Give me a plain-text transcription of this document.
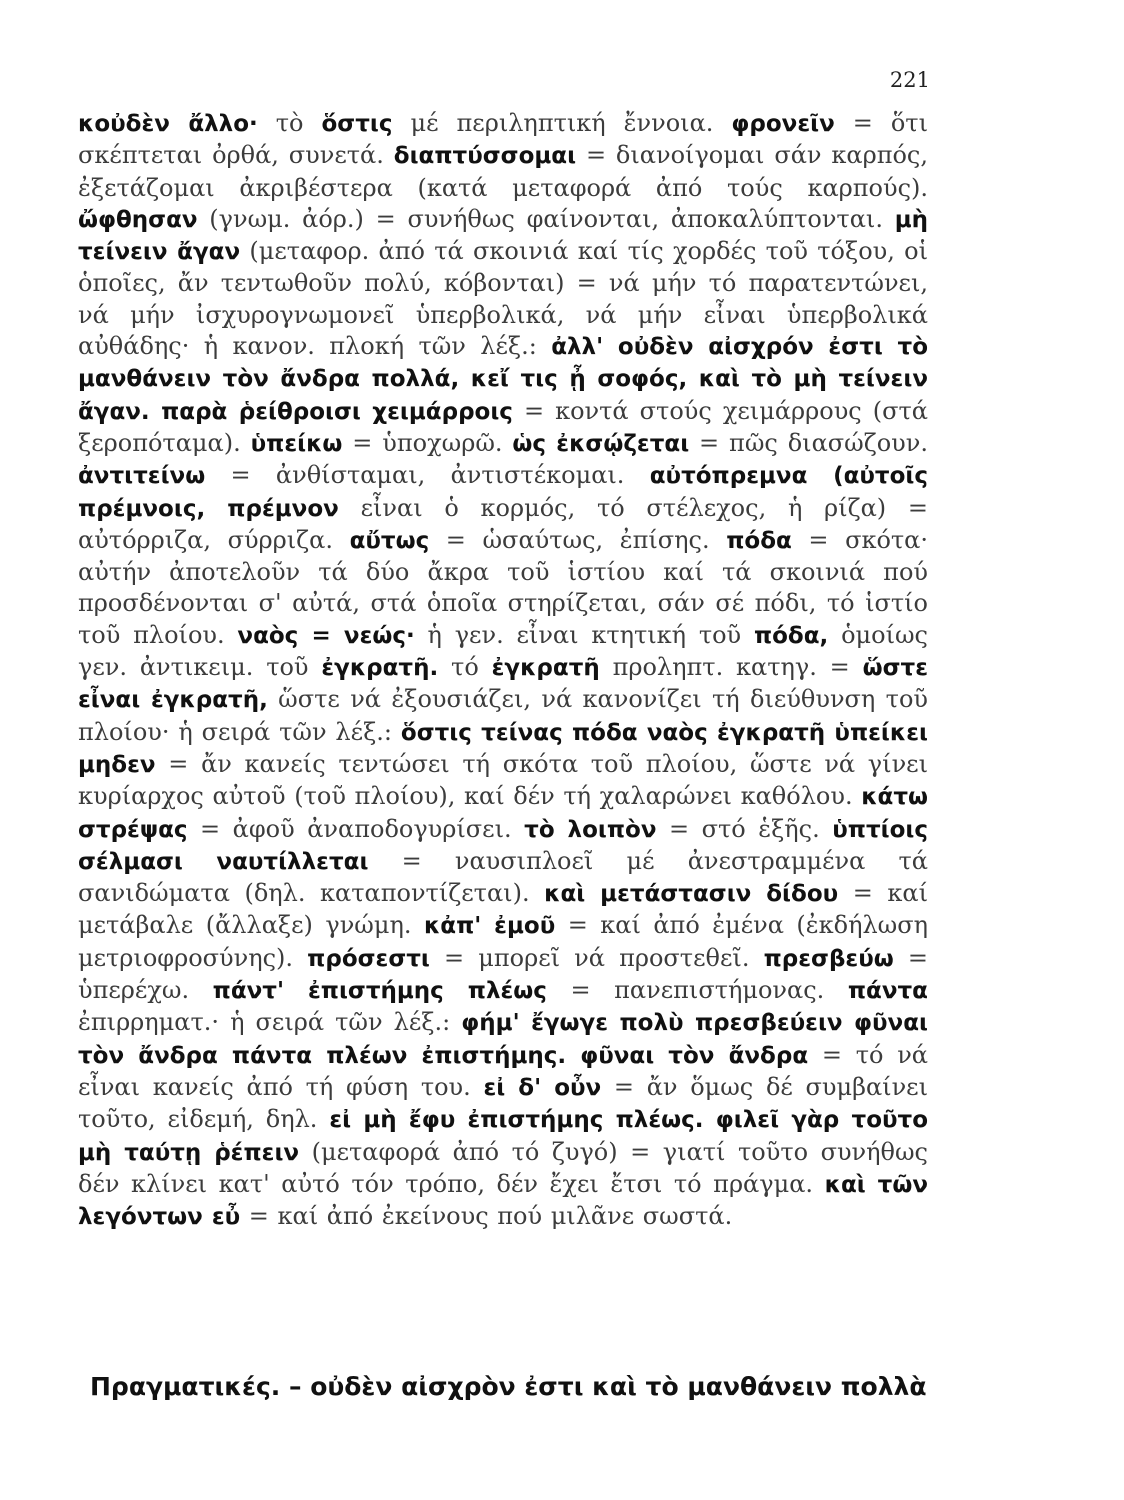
221

κοὐδὲν ἄλλο· τὸ ὅστις μέ περιληπτική ἔννοια. φρονεῖν = ὅτι σκέπτεται ὀρθά, συνετά. διαπτύσσομαι = διανοίγομαι σάν καρπός, ἐξετάζομαι ἀκριβέστερα (κατά μεταφορά ἀπό τούς καρπούς). ὤφθησαν (γνωμ. ἀόρ.) = συνήθως φαίνονται, ἀποκαλύπτονται. μὴ τείνειν ἄγαν (μεταφορ. ἀπό τά σκοινιά καί τίς χορδές τοῦ τόξου, οἱ ὁποῖες, ἄν τεντωθοῦν πολύ, κόβονται) = νά μήν τό παρατεντώνει, νά μήν ἰσχυρογνωμονεῖ ὑπερβολικά, νά μήν εἶναι ὑπερβολικά αὐθάδης· ἡ κανον. πλοκή τῶν λέξ.: ἀλλ' οὐδὲν αἰσχρόν ἐστι τὸ μανθάνειν τὸν ἄνδρα πολλά, κεἴ τις ᾖ σοφός, καὶ τὸ μὴ τείνειν ἄγαν. παρὰ ῥείθροισι χειμάρροις = κοντά στούς χειμάρρους (στά ξεροπόταμα). ὑπείκω = ὑποχωρῶ. ὡς ἐκσῴζεται = πῶς διασώζουν. ἀντιτείνω = ἀνθίσταμαι, ἀντιστέκομαι. αὐτόπρεμνα (αὐτοῖς πρέμνοις, πρέμνον εἶναι ὁ κορμός, τό στέλεχος, ἡ ρίζα) = αὐτόρριζα, σύρριζα. αὔτως = ὡσαύτως, ἐπίσης. πόδα = σκότα· αὐτήν ἀποτελοῦν τά δύο ἄκρα τοῦ ἱστίου καί τά σκοινιά πού προσδένονται σ' αὐτά, στά ὁποῖα στηρίζεται, σάν σέ πόδι, τό ἱστίο τοῦ πλοίου. ναὸς = νεώς· ἡ γεν. εἶναι κτητική τοῦ πόδα, ὁμοίως γεν. ἀντικειμ. τοῦ ἐγκρατῆ. τό ἐγκρατῆ προληπτ. κατηγ. = ὥστε εἶναι ἐγκρατῆ, ὥστε νά ἐξουσιάζει, νά κανονίζει τή διεύθυνση τοῦ πλοίου· ἡ σειρά τῶν λέξ.: ὅστις τείνας πόδα ναὸς ἐγκρατῆ ὑπείκει μηδεν = ἄν κανείς τεντώσει τή σκότα τοῦ πλοίου, ὥστε νά γίνει κυρίαρχος αὐτοῦ (τοῦ πλοίου), καί δέν τή χαλαρώνει καθόλου. κάτω στρέψας = ἀφοῦ ἀναποδογυρίσει. τὸ λοιπὸν = στό ἑξῆς. ὑπτίοις σέλμασι ναυτίλλεται = ναυσιπλοεῖ μέ ἀνεστραμμένα τά σανιδώματα (δηλ. καταποντίζεται). καὶ μετάστασιν δίδου = καί μετάβαλε (ἄλλαξε) γνώμη. κἀπ' ἐμοῦ = καί ἀπό ἐμένα (ἐκδήλωση μετριοφροσύνης). πρόσεστι = μπορεῖ νά προστεθεῖ. πρεσβεύω = ὑπερέχω. πάντ' ἐπιστήμης πλέως = πανεπιστήμονας. πάντα ἐπιρρηματ.· ἡ σειρά τῶν λέξ.: φήμ' ἔγωγε πολὺ πρεσβεύειν φῦναι τὸν ἄνδρα πάντα πλέων ἐπιστήμης. φῦναι τὸν ἄνδρα = τό νά εἶναι κανείς ἀπό τή φύση του. εἰ δ' οὖν = ἄν ὅμως δέ συμβαίνει τοῦτο, εἰδεμή, δηλ. εἰ μὴ ἔφυ ἐπιστήμης πλέως. φιλεῖ γὰρ τοῦτο μὴ ταύτῃ ῥέπειν (μεταφορά ἀπό τό ζυγό) = γιατί τοῦτο συνήθως δέν κλίνει κατ' αὐτό τόν τρόπο, δέν ἔχει ἔτσι τό πράγμα. καὶ τῶν λεγόντων εὖ = καί ἀπό ἐκείνους πού μιλᾶνε σωστά.

Πραγματικές. – οὐδὲν αἰσχρὸν ἐστι καὶ τὸ μανθάνειν πολλὰ
